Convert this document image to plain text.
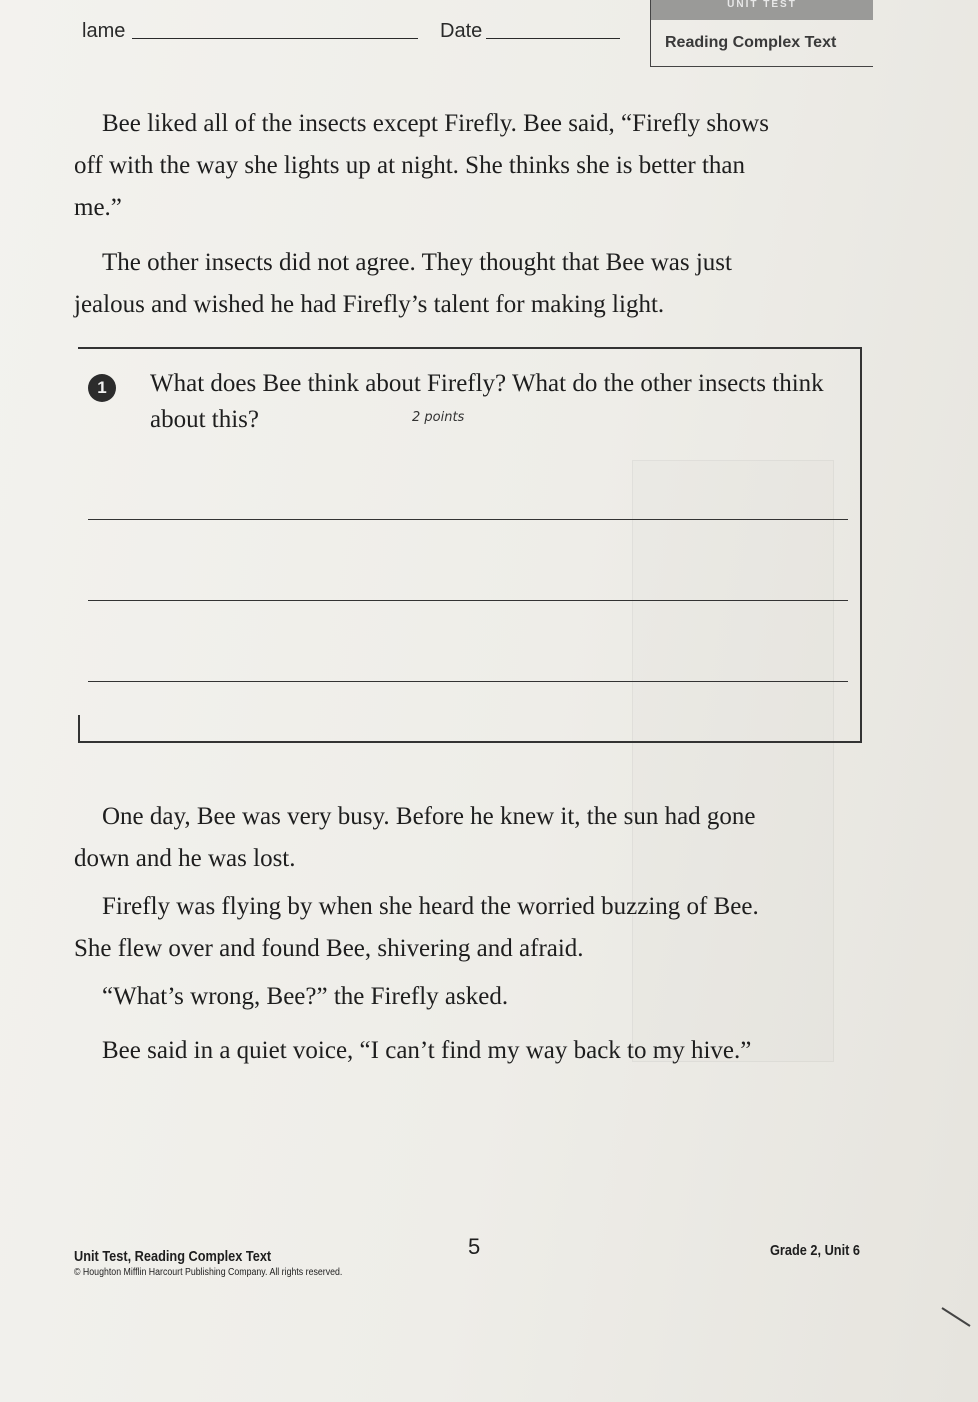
lame	Date
UNIT TEST
Reading Complex Text

Bee liked all of the insects except Firefly. Bee said, “Firefly shows off with the way she lights up at night. She thinks she is better than me.”

The other insects did not agree. They thought that Bee was just jealous and wished he had Firefly’s talent for making light.

1	What does Bee think about Firefly? What do the other insects think about this?	2 points

One day, Bee was very busy. Before he knew it, the sun had gone down and he was lost.

Firefly was flying by when she heard the worried buzzing of Bee. She flew over and found Bee, shivering and afraid.

“What’s wrong, Bee?” the Firefly asked.

Bee said in a quiet voice, “I can’t find my way back to my hive.”

Unit Test, Reading Complex Text
© Houghton Mifflin Harcourt Publishing Company. All rights reserved.
5	Grade 2, Unit 6
